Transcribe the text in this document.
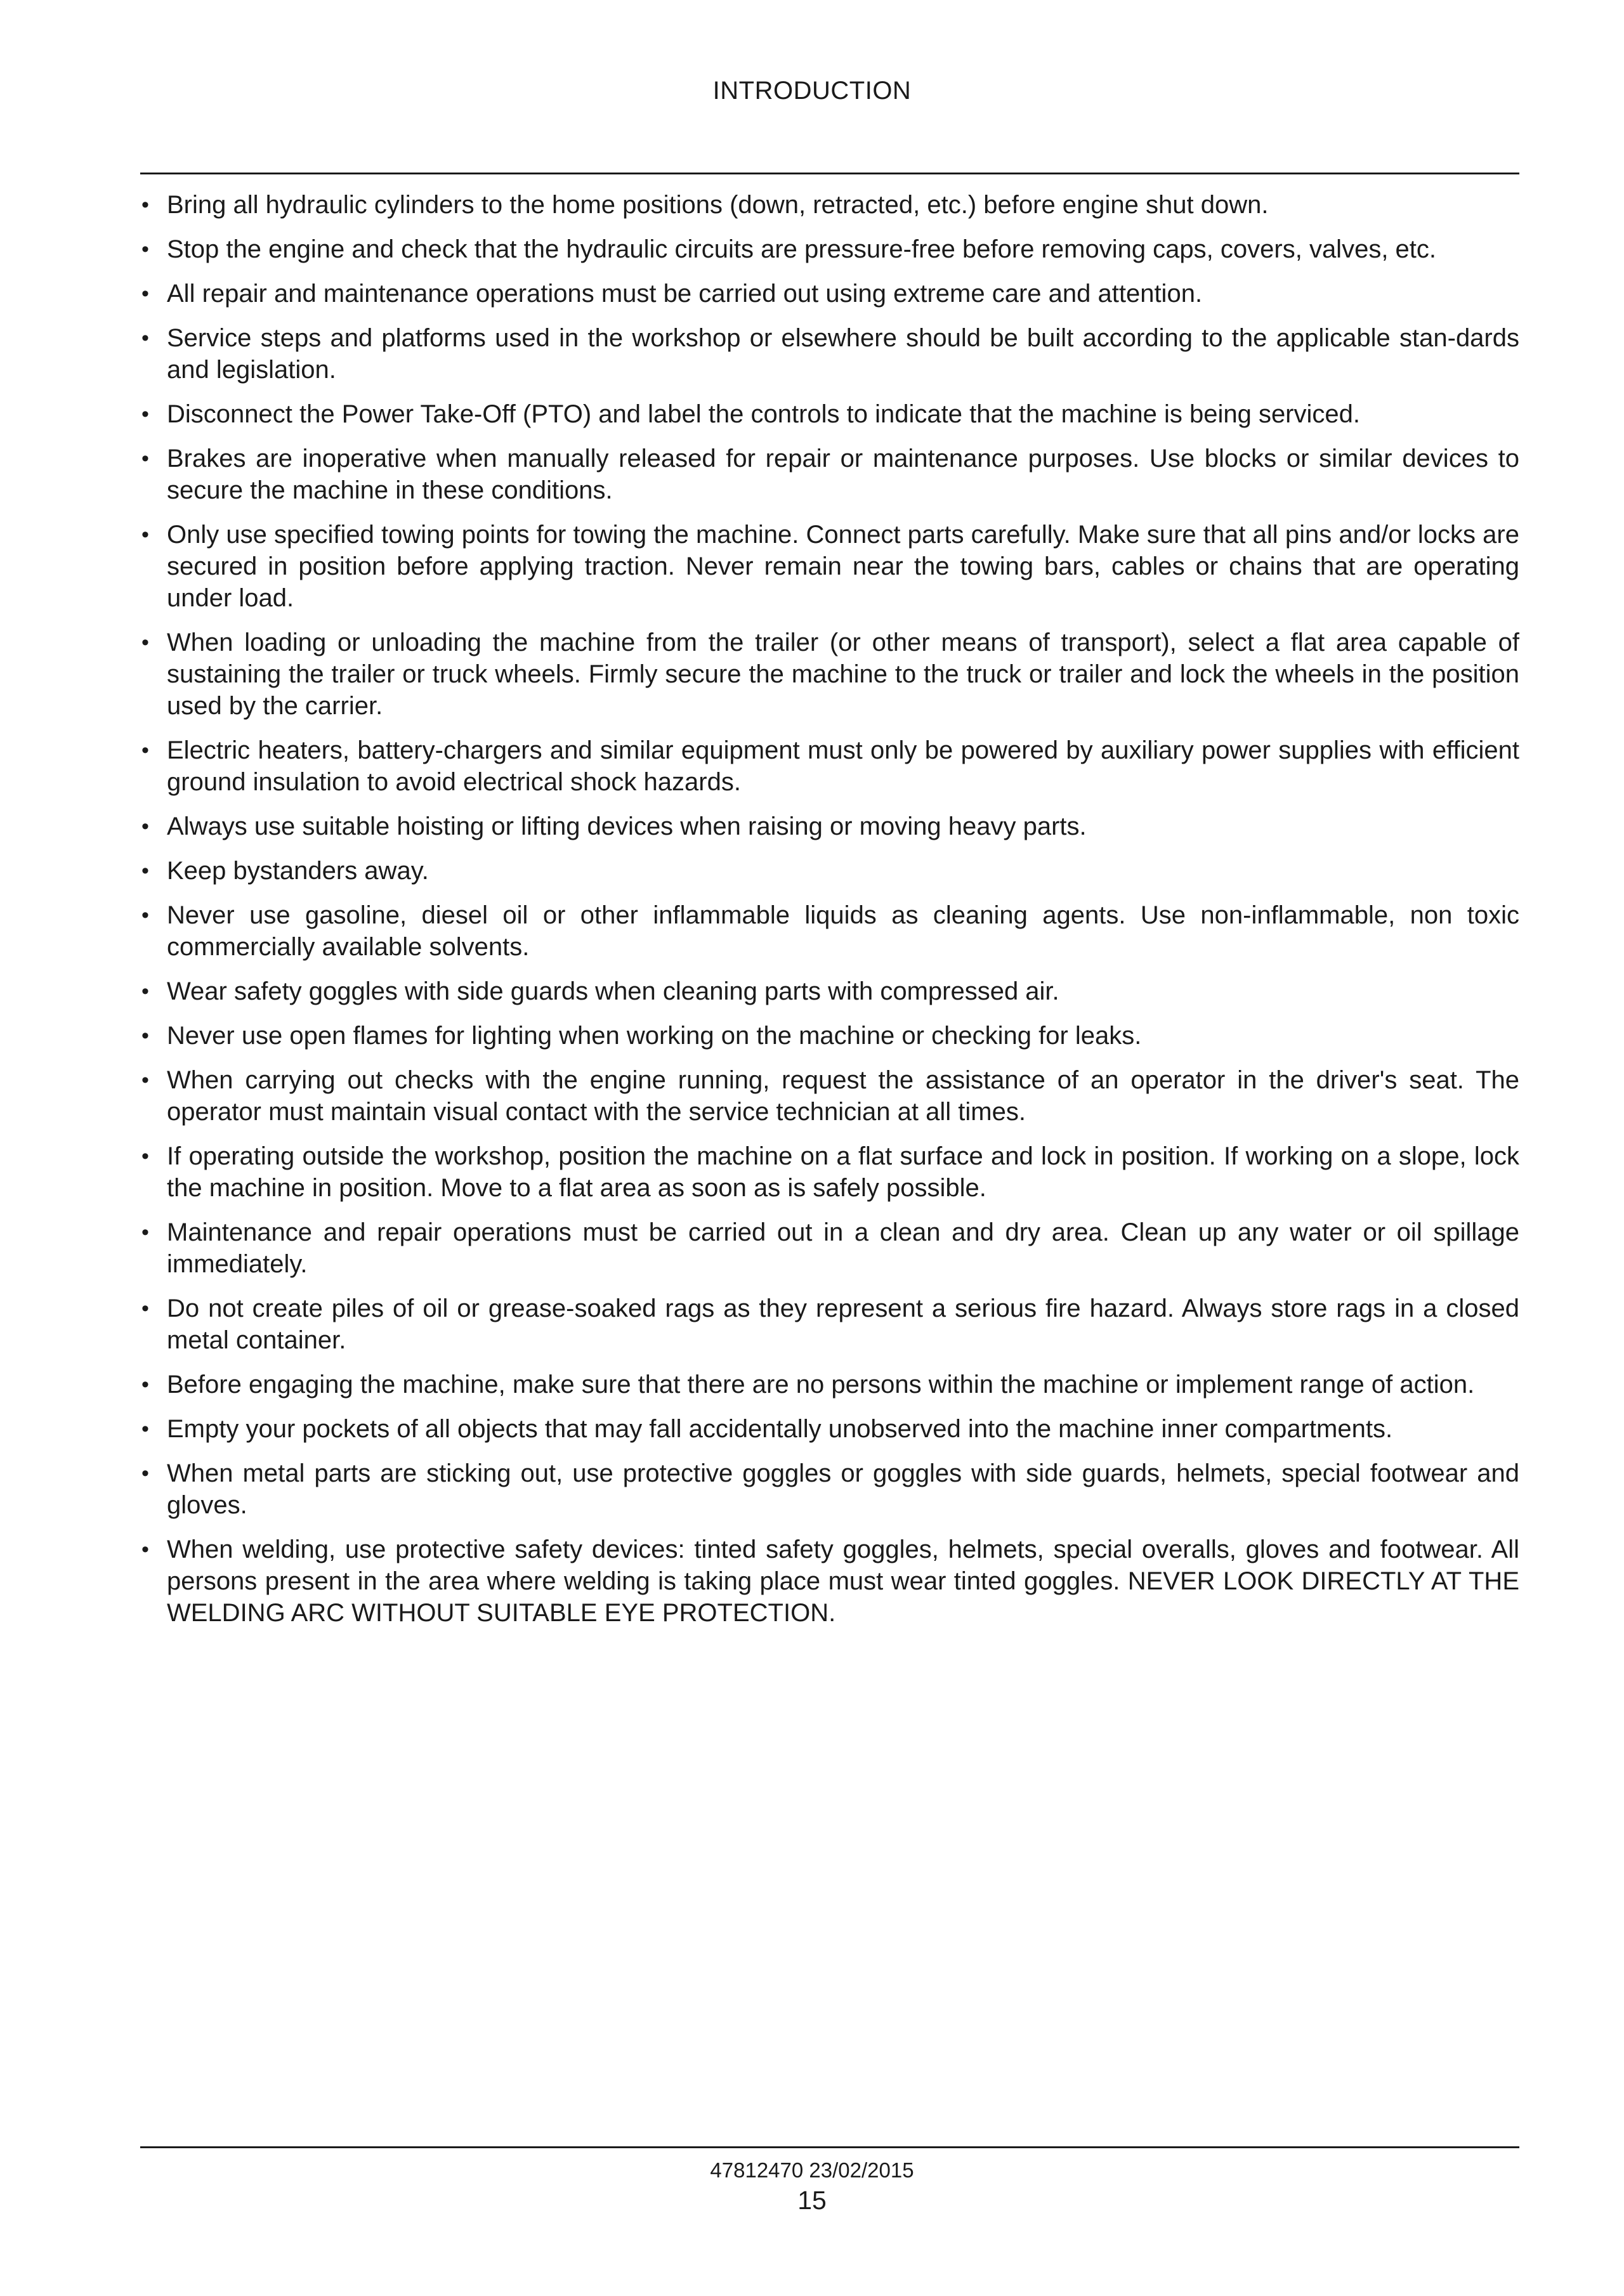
INTRODUCTION
• Bring all hydraulic cylinders to the home positions (down, retracted, etc.) before engine shut down.
• Stop the engine and check that the hydraulic circuits are pressure-free before removing caps, covers, valves, etc.
• All repair and maintenance operations must be carried out using extreme care and attention.
• Service steps and platforms used in the workshop or elsewhere should be built according to the applicable stan-dards and legislation.
• Disconnect the Power Take-Off (PTO) and label the controls to indicate that the machine is being serviced.
• Brakes are inoperative when manually released for repair or maintenance purposes. Use blocks or similar devices to secure the machine in these conditions.
• Only use specified towing points for towing the machine. Connect parts carefully. Make sure that all pins and/or locks are secured in position before applying traction. Never remain near the towing bars, cables or chains that are operating under load.
• When loading or unloading the machine from the trailer (or other means of transport), select a flat area capable of sustaining the trailer or truck wheels. Firmly secure the machine to the truck or trailer and lock the wheels in the position used by the carrier.
• Electric heaters, battery-chargers and similar equipment must only be powered by auxiliary power supplies with efficient ground insulation to avoid electrical shock hazards.
• Always use suitable hoisting or lifting devices when raising or moving heavy parts.
• Keep bystanders away.
• Never use gasoline, diesel oil or other inflammable liquids as cleaning agents. Use non-inflammable, non toxic commercially available solvents.
• Wear safety goggles with side guards when cleaning parts with compressed air.
• Never use open flames for lighting when working on the machine or checking for leaks.
• When carrying out checks with the engine running, request the assistance of an operator in the driver's seat. The operator must maintain visual contact with the service technician at all times.
• If operating outside the workshop, position the machine on a flat surface and lock in position. If working on a slope, lock the machine in position. Move to a flat area as soon as is safely possible.
• Maintenance and repair operations must be carried out in a clean and dry area. Clean up any water or oil spillage immediately.
• Do not create piles of oil or grease-soaked rags as they represent a serious fire hazard. Always store rags in a closed metal container.
• Before engaging the machine, make sure that there are no persons within the machine or implement range of action.
• Empty your pockets of all objects that may fall accidentally unobserved into the machine inner compartments.
• When metal parts are sticking out, use protective goggles or goggles with side guards, helmets, special footwear and gloves.
• When welding, use protective safety devices: tinted safety goggles, helmets, special overalls, gloves and footwear. All persons present in the area where welding is taking place must wear tinted goggles. NEVER LOOK DIRECTLY AT THE WELDING ARC WITHOUT SUITABLE EYE PROTECTION.
47812470 23/02/2015
15
